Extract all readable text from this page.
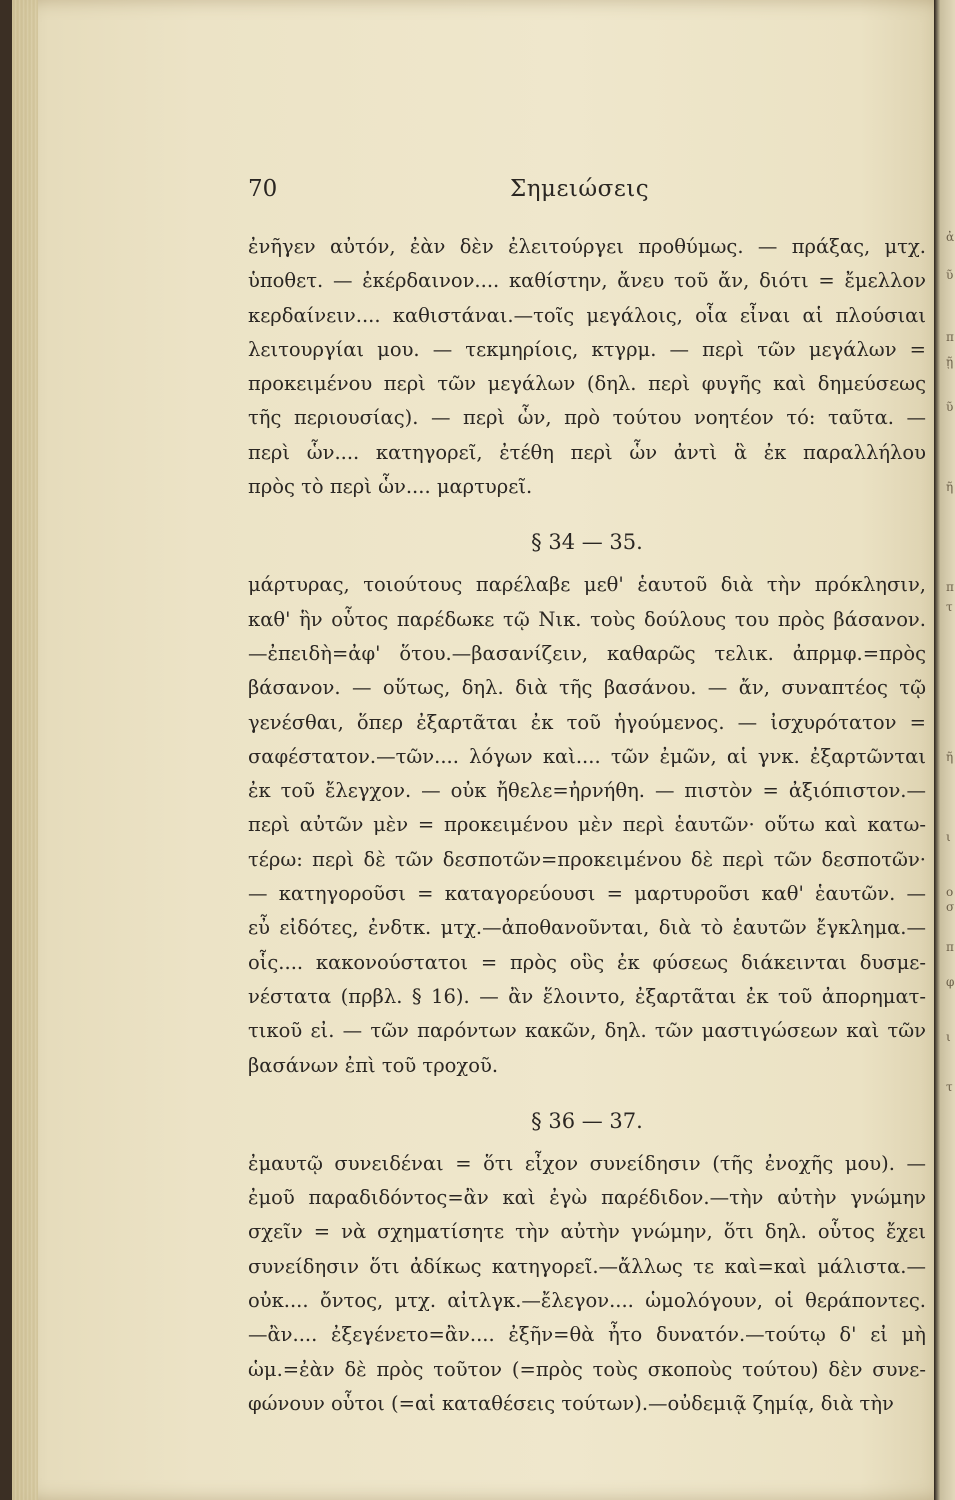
ἀ
ῦ
π
ῇ
ῦ
ῆ
π
τ
ῆ
ι
ο
σ
π
φ
ι
τ
70	Σημειώσεις
ἐνῆγεν αὐτόν, ἐὰν δὲν ἐλειτούργει προθύμως. — πράξας, μτχ.
ὑποθετ. — ἐκέρδαινον.... καθίστην, ἄνευ τοῦ ἄν, διότι = ἔμελλον
κερδαίνειν.... καθιστάναι.—τοῖς μεγάλοις, οἷα εἶναι αἱ πλούσιαι
λειτουργίαι μου. — τεκμηρίοις, κτγρμ. — περὶ τῶν μεγάλων =
προκειμένου περὶ τῶν μεγάλων (δηλ. περὶ φυγῆς καὶ δημεύσεως
τῆς περιουσίας). — περὶ ὧν, πρὸ τούτου νοητέον τό: ταῦτα. —
περὶ ὧν.... κατηγορεῖ, ἐτέθη περὶ ὧν ἀντὶ ἃ ἐκ παραλλήλου
πρὸς τὸ περὶ ὧν.... μαρτυρεῖ.
§ 34 — 35.
μάρτυρας, τοιούτους παρέλαβε μεθ' ἑαυτοῦ διὰ τὴν πρόκλησιν,
καθ' ἣν οὗτος παρέδωκε τῷ Νικ. τοὺς δούλους του πρὸς βάσανον.
—ἐπειδὴ=ἀφ' ὅτου.—βασανίζειν, καθαρῶς τελικ. ἀπρμφ.=πρὸς
βάσανον. — οὕτως, δηλ. διὰ τῆς βασάνου. — ἄν, συναπτέος τῷ
γενέσθαι, ὅπερ ἐξαρτᾶται ἐκ τοῦ ἡγούμενος. — ἰσχυρότατον =
σαφέστατον.—τῶν.... λόγων καὶ.... τῶν ἐμῶν, αἱ γνκ. ἐξαρτῶνται
ἐκ τοῦ ἔλεγχον. — οὐκ ἤθελε=ἠρνήθη. — πιστὸν = ἀξιόπιστον.—
περὶ αὐτῶν μὲν = προκειμένου μὲν περὶ ἑαυτῶν· οὕτω καὶ κατω-
τέρω: περὶ δὲ τῶν δεσποτῶν=προκειμένου δὲ περὶ τῶν δεσποτῶν·
— κατηγοροῦσι = καταγορεύουσι = μαρτυροῦσι καθ' ἑαυτῶν. —
εὖ εἰδότες, ἐνδτκ. μτχ.—ἀποθανοῦνται, διὰ τὸ ἑαυτῶν ἔγκλημα.—
οἷς.... κακονούστατοι = πρὸς οὓς ἐκ φύσεως διάκεινται δυσμε-
νέστατα (πρβλ. § 16). — ἂν ἕλοιντο, ἐξαρτᾶται ἐκ τοῦ ἀπορηματ-
τικοῦ εἰ. — τῶν παρόντων κακῶν, δηλ. τῶν μαστιγώσεων καὶ τῶν
βασάνων ἐπὶ τοῦ τροχοῦ.
§ 36 — 37.
ἐμαυτῷ συνειδέναι = ὅτι εἶχον συνείδησιν (τῆς ἐνοχῆς μου). —
ἐμοῦ παραδιδόντος=ἂν καὶ ἐγὼ παρέδιδον.—τὴν αὐτὴν γνώμην
σχεῖν = νὰ σχηματίσητε τὴν αὐτὴν γνώμην, ὅτι δηλ. οὗτος ἔχει
συνείδησιν ὅτι ἀδίκως κατηγορεῖ.—ἄλλως τε καὶ=καὶ μάλιστα.—
οὐκ.... ὄντος, μτχ. αἰτλγκ.—ἔλεγον.... ὡμολόγουν, οἱ θεράποντες.
—ἂν.... ἐξεγένετο=ἂν.... ἐξῆν=θὰ ἦτο δυνατόν.—τούτῳ δ' εἰ μὴ
ὡμ.=ἐὰν δὲ πρὸς τοῦτον (=πρὸς τοὺς σκοποὺς τούτου) δὲν συνε-
φώνουν οὗτοι (=αἱ καταθέσεις τούτων).—οὐδεμιᾷ ζημίᾳ, διὰ τὴν
